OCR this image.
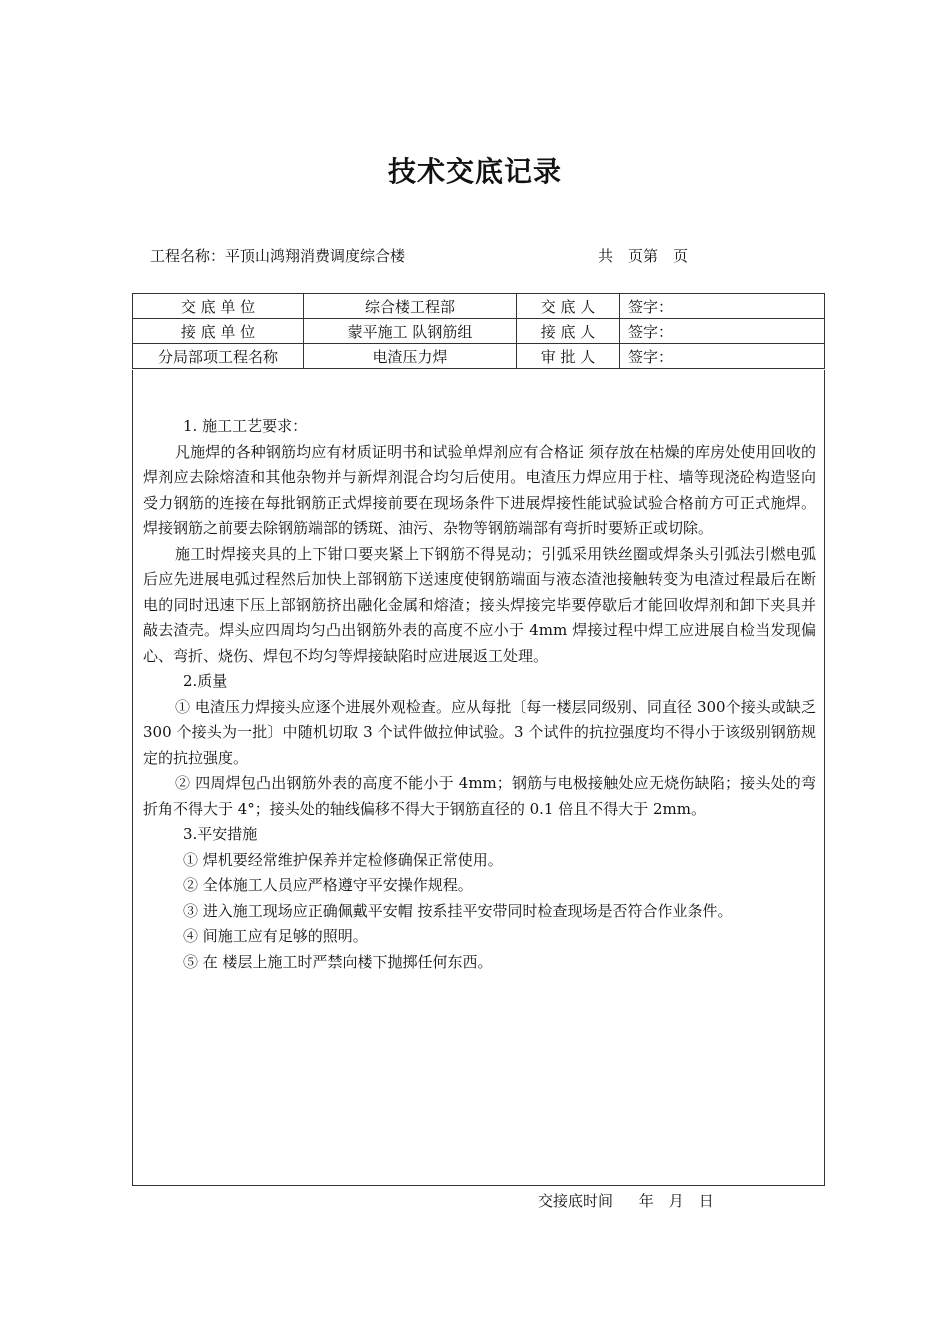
技术交底记录
工程名称：平顶山鸿翔消费调度综合楼	共　页第　页
交 底 单 位	综合楼工程部	交 底 人	签字：
接 底 单 位	蒙平施工 队钢筋组	接 底 人	签字：
分局部项工程名称	电渣压力焊	审 批 人	签字：

1. 施工工艺要求：

凡施焊的各种钢筋均应有材质证明书和试验单焊剂应有合格证 须存放在枯燥的库房处使用回收的焊剂应去除熔渣和其他杂物并与新焊剂混合均匀后使用。电渣压力焊应用于柱、墙等现浇砼构造竖向受力钢筋的连接在每批钢筋正式焊接前要在现场条件下进展焊接性能试验试验合格前方可正式施焊。焊接钢筋之前要去除钢筋端部的锈斑、油污、杂物等钢筋端部有弯折时要矫正或切除。

施工时焊接夹具的上下钳口要夹紧上下钢筋不得晃动；引弧采用铁丝圈或焊条头引弧法引燃电弧后应先进展电弧过程然后加快上部钢筋下送速度使钢筋端面与液态渣池接触转变为电渣过程最后在断电的同时迅速下压上部钢筋挤出融化金属和熔渣；接头焊接完毕要停歇后才能回收焊剂和卸下夹具并敲去渣壳。焊头应四周均匀凸出钢筋外表的高度不应小于 4mm 焊接过程中焊工应进展自检当发现偏心、弯折、烧伤、焊包不均匀等焊接缺陷时应进展返工处理。

2.质量

① 电渣压力焊接头应逐个进展外观检查。应从每批〔每一楼层同级别、同直径 300个接头或缺乏 300 个接头为一批〕中随机切取 3 个试件做拉伸试验。3 个试件的抗拉强度均不得小于该级别钢筋规定的抗拉强度。

② 四周焊包凸出钢筋外表的高度不能小于 4mm；钢筋与电极接触处应无烧伤缺陷；接头处的弯折角不得大于 4°；接头处的轴线偏移不得大于钢筋直径的 0.1 倍且不得大于 2mm。

3.平安措施

① 焊机要经常维护保养并定检修确保正常使用。

② 全体施工人员应严格遵守平安操作规程。

③ 进入施工现场应正确佩戴平安帽 按系挂平安带同时检查现场是否符合作业条件。

④ 间施工应有足够的照明。

⑤ 在 楼层上施工时严禁向楼下抛掷任何东西。

交接底时间　 年　月　日
